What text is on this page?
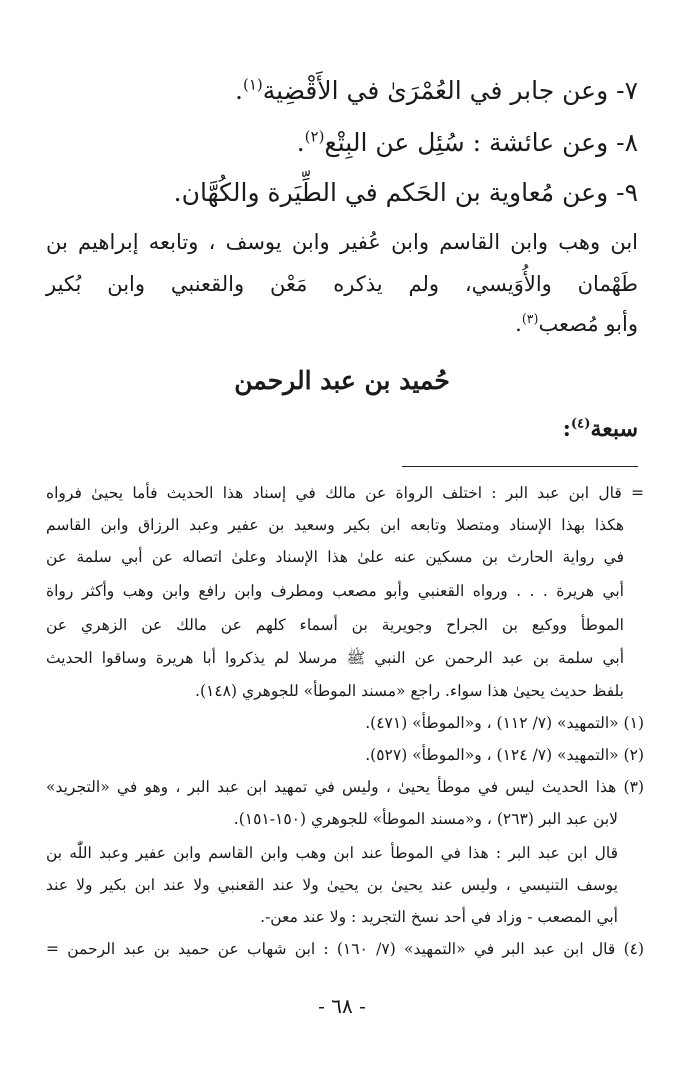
٧- وعن جابر في العُمْرَىٰ في الأَقْضِية$^{(١)}$.
٨- وعن عائشة : سُئِل عن البِتْع$^{(٢)}$.
٩- وعن مُعاوية بن الحَكم في الطِّيَرة والكُهَّان.
ابن وهب وابن القاسم وابن عُفير وابن يوسف ، وتابعه إبراهيم بن
طَهْمان والأُوَيسي، ولم يذكره مَعْن والقعنبي وابن بُكير
وأبو مُصعب$^{(٣)}$.
حُميد بن عبد الرحمن
سبعة$^{(٤)}$:
= قال ابن عبد البر : اختلف الرواة عن مالك في إسناد هذا الحديث فأما يحيىٰ فرواه
هكذا بهذا الإسناد ومتصلا وتابعه ابن بكير وسعيد بن عفير وعبد الرزاق وابن القاسم
في رواية الحارث بن مسكين عنه علىٰ هذا الإسناد وعلىٰ اتصاله عن أبي سلمة عن
أبي هريرة . . . ورواه القعنبي وأبو مصعب ومطرف وابن رافع وابن وهب وأكثر رواة
الموطأ ووكيع بن الجراح وجويرية بن أسماء كلهم عن مالك عن الزهري عن
أبي سلمة بن عبد الرحمن عن النبي ﷺ مرسلا لم يذكروا أبا هريرة وساقوا الحديث
بلفظ حديث يحيىٰ هذا سواء. راجع «مسند الموطأ» للجوهري (١٤٨).
(١) «التمهيد» (٧/ ١١٢) ، و«الموطأ» (٤٧١).
(٢) «التمهيد» (٧/ ١٢٤) ، و«الموطأ» (٥٢٧).
(٣) هذا الحديث ليس في موطأ يحيىٰ ، وليس في تمهيد ابن عبد البر ، وهو في «التجريد»
لابن عبد البر (٢٦٣) ، و«مسند الموطأ» للجوهري (١٥٠-١٥١).
قال ابن عبد البر : هذا في الموطأ عند ابن وهب وابن القاسم وابن عفير وعبد اللّٰه بن
يوسف التنيسي ، وليس عند يحيىٰ بن يحيىٰ ولا عند القعنبي ولا عند ابن بكير ولا عند
أبي المصعب - وزاد في أحد نسخ التجريد : ولا عند معن-.
(٤) قال ابن عبد البر في «التمهيد» (٧/ ١٦٠) : ابن شهاب عن حميد بن عبد الرحمن =
- ٦٨ -
